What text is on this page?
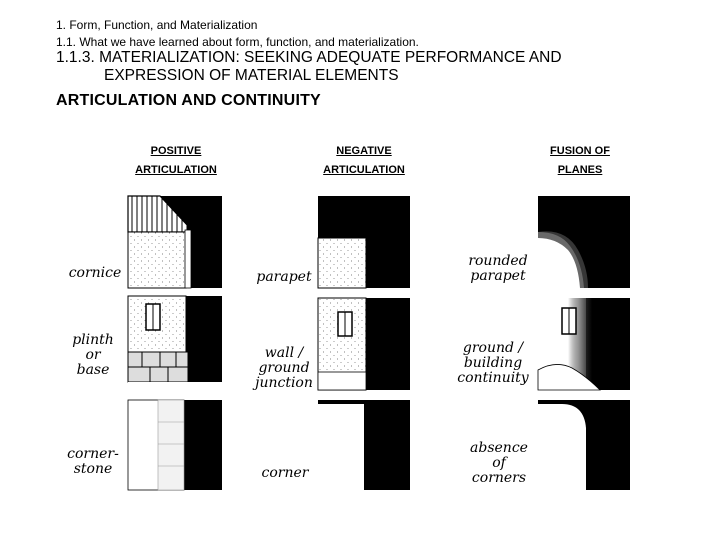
1. Form, Function, and Materialization
1.1. What we have learned about form, function, and materialization.
1.1.3. MATERIALIZATION: SEEKING ADEQUATE PERFORMANCE AND
EXPRESSION OF MATERIAL ELEMENTS
ARTICULATION AND CONTINUITY
POSITIVE
ARTICULATION
NEGATIVE
ARTICULATION
FUSION OF
PLANES
cornice
plinth
or
base
corner-
stone
parapet
wall /
ground
junction
corner
rounded
parapet
ground /
building
continuity
absence
of
corners
